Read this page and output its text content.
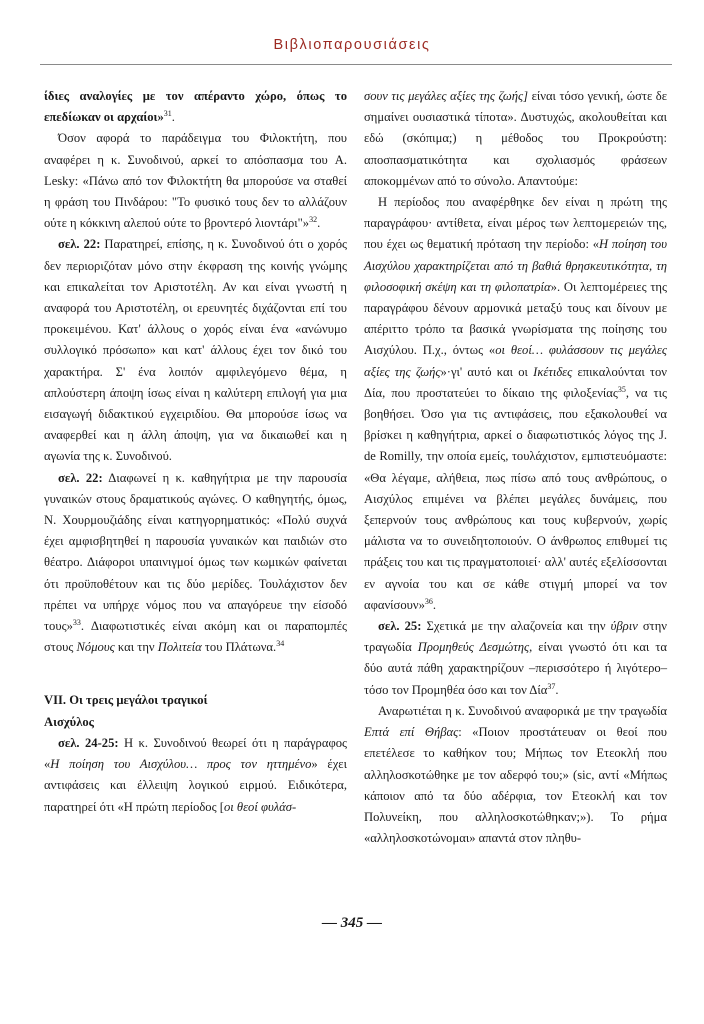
Βιβλιοπαρουσιάσεις

ίδιες αναλογίες με τον απέραντο χώρο, όπως το επεδίωκαν οι αρχαίοι»$^{31}$.

Όσον αφορά το παράδειγμα του Φιλοκτήτη, που αναφέρει η κ. Συνοδινού, αρκεί το απόσπασμα του A. Lesky: «Πάνω από τον Φιλοκτήτη θα μπορούσε να σταθεί η φράση του Πινδάρου: "Το φυσικό τους δεν το αλλάζουν ούτε η κόκκινη αλεπού ούτε το βροντερό λιοντάρι"»$^{32}$.

σελ. 22: Παρατηρεί, επίσης, η κ. Συνοδινού ότι ο χορός δεν περιοριζόταν μόνο στην έκφραση της κοινής γνώμης και επικαλείται τον Αριστοτέλη. Αν και είναι γνωστή η αναφορά του Αριστοτέλη, οι ερευνητές διχάζονται επί του προκειμένου. Κατ' άλλους ο χορός είναι ένα «ανώνυμο συλλογικό πρόσωπο» και κατ' άλλους έχει τον δικό του χαρακτήρα. Σ' ένα λοιπόν αμφιλεγόμενο θέμα, η απλούστερη άποψη ίσως είναι η καλύτερη επιλογή για μια εισαγωγή διδακτικού εγχειριδίου. Θα μπορούσε ίσως να αναφερθεί και η άλλη άποψη, για να δικαιωθεί και η αγωνία της κ. Συνοδινού.

σελ. 22: Διαφωνεί η κ. καθηγήτρια με την παρουσία γυναικών στους δραματικούς αγώνες. Ο καθηγητής, όμως, Ν. Χουρμουζιάδης είναι κατηγορηματικός: «Πολύ συχνά έχει αμφισβητηθεί η παρουσία γυναικών και παιδιών στο θέατρο. Διάφοροι υπαινιγμοί όμως των κωμικών φαίνεται ότι προϋποθέτουν και τις δύο μερίδες. Τουλάχιστον δεν πρέπει να υπήρχε νόμος που να απαγόρευε την είσοδό τους»$^{33}$. Διαφωτιστικές είναι ακόμη και οι παραπομπές στους Νόμους και την Πολιτεία του Πλάτωνα.$^{34}$

VII. Οι τρεις μεγάλοι τραγικοί

Αισχύλος

σελ. 24-25: Η κ. Συνοδινού θεωρεί ότι η παράγραφος «Η ποίηση του Αισχύλου… προς τον ηττημένο» έχει αντιφάσεις και έλλειψη λογικού ειρμού. Ειδικότερα, παρατηρεί ότι «Η πρώτη περίοδος [οι θεοί φυλάσ-

σουν τις μεγάλες αξίες της ζωής] είναι τόσο γενική, ώστε δε σημαίνει ουσιαστικά τίποτα». Δυστυχώς, ακολουθείται και εδώ (σκόπιμα;) η μέθοδος του Προκρούστη: αποσπασματικότητα και σχολιασμός φράσεων αποκομμένων από το σύνολο. Απαντούμε:

Η περίοδος που αναφέρθηκε δεν είναι η πρώτη της παραγράφου· αντίθετα, είναι μέρος των λεπτομερειών της, που έχει ως θεματική πρόταση την περίοδο: «Η ποίηση του Αισχύλου χαρακτηρίζεται από τη βαθιά θρησκευτικότητα, τη φιλοσοφική σκέψη και τη φιλοπατρία». Οι λεπτομέρειες της παραγράφου δένουν αρμονικά μεταξύ τους και δίνουν με απέριττο τρόπο τα βασικά γνωρίσματα της ποίησης του Αισχύλου. Π.χ., όντως «οι θεοί… φυλάσσουν τις μεγάλες αξίες της ζωής»·γι' αυτό και οι Ικέτιδες επικαλούνται τον Δία, που προστατεύει το δίκαιο της φιλοξενίας$^{35}$, να τις βοηθήσει. Όσο για τις αντιφάσεις, που εξακολουθεί να βρίσκει η καθηγήτρια, αρκεί ο διαφωτιστικός λόγος της J. de Romilly, την οποία εμείς, τουλάχιστον, εμπιστευόμαστε: «Θα λέγαμε, αλήθεια, πως πίσω από τους ανθρώπους, ο Αισχύλος επιμένει να βλέπει μεγάλες δυνάμεις, που ξεπερνούν τους ανθρώπους και τους κυβερνούν, χωρίς μάλιστα να το συνειδητοποιούν. Ο άνθρωπος επιθυμεί τις πράξεις του και τις πραγματοποιεί· αλλ' αυτές εξελίσσονται εν αγνοία του και σε κάθε στιγμή μπορεί να τον αφανίσουν»$^{36}$.

σελ. 25: Σχετικά με την αλαζονεία και την ύβριν στην τραγωδία Προμηθεύς Δεσμώτης, είναι γνωστό ότι και τα δύο αυτά πάθη χαρακτηρίζουν –περισσότερο ή λιγότερο– τόσο τον Προμηθέα όσο και τον Δία$^{37}$.

Αναρωτιέται η κ. Συνοδινού αναφορικά με την τραγωδία Επτά επί Θήβας: «Ποιον προστάτευαν οι θεοί που επετέλεσε το καθήκον του; Μήπως τον Ετεοκλή που αλληλοσκοτώθηκε με τον αδερφό του;» (sic, αντί «Μήπως κάποιον από τα δύο αδέρφια, τον Ετεοκλή και τον Πολυνείκη, που αλληλοσκοτώθηκαν;»). Το ρήμα «αλληλοσκοτώνομαι» απαντά στον πληθυ-

— 345 —
